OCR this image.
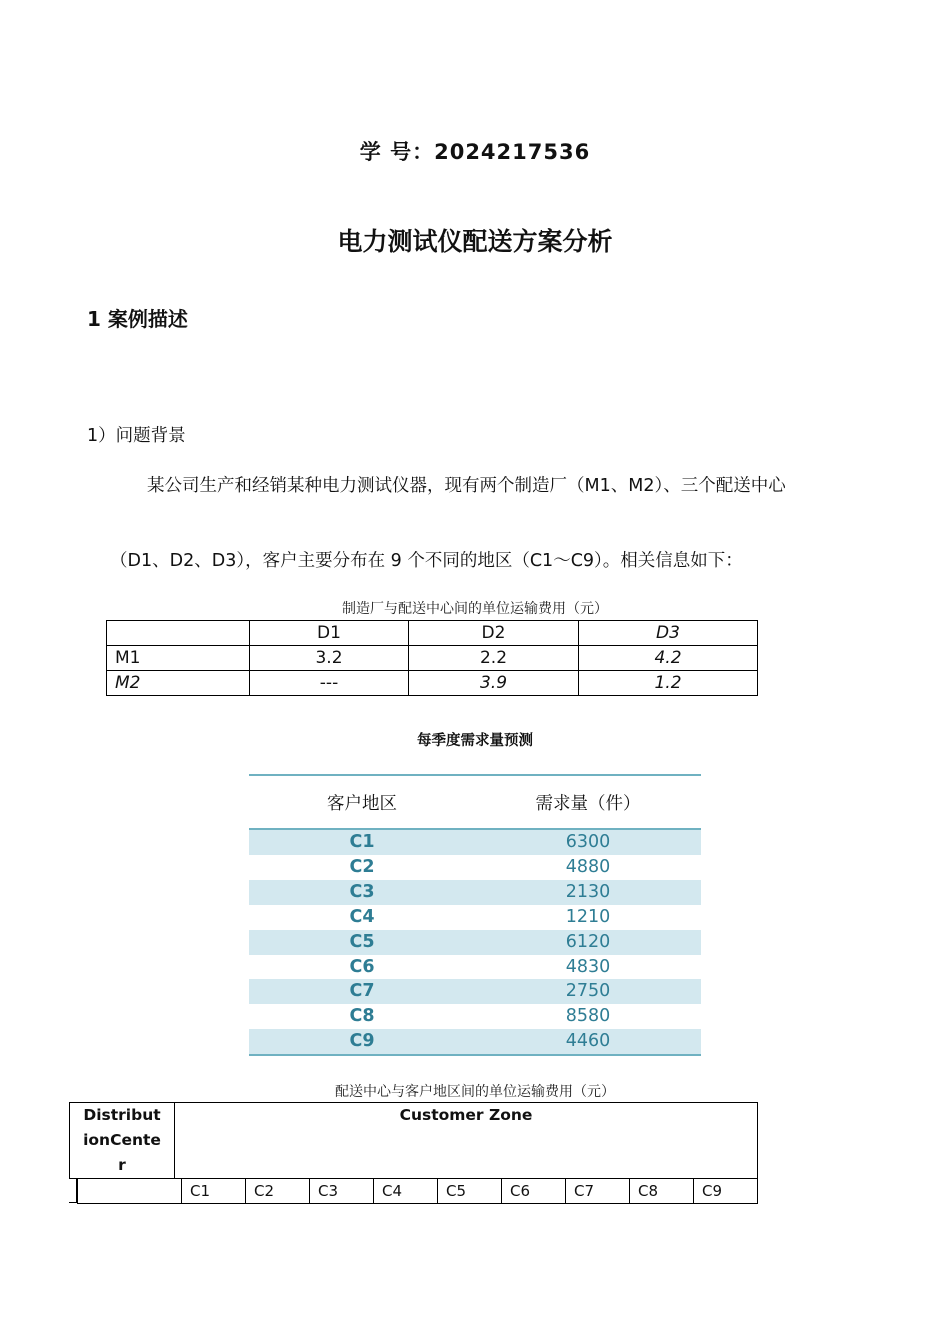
学 号：2024217536
电力测试仪配送方案分析
1 案例描述
1）问题背景
某公司生产和经销某种电力测试仪器，现有两个制造厂（M1、M2）、三个配送中心
（D1、D2、D3），客户主要分布在 9 个不同的地区（C1～C9）。相关信息如下：
制造厂与配送中心间的单位运输费用（元）
	D1	D2	D3
M1	3.2	2.2	4.2
M2	---	3.9	1.2
每季度需求量预测
客户地区	需求量（件）
C1	6300
C2	4880
C3	2130
C4	1210
C5	6120
C6	4830
C7	2750
C8	8580
C9	4460
配送中心与客户地区间的单位运输费用（元）
Distribut
ionCente
r	Customer Zone
	C1	C2	C3	C4	C5	C6	C7	C8	C9
